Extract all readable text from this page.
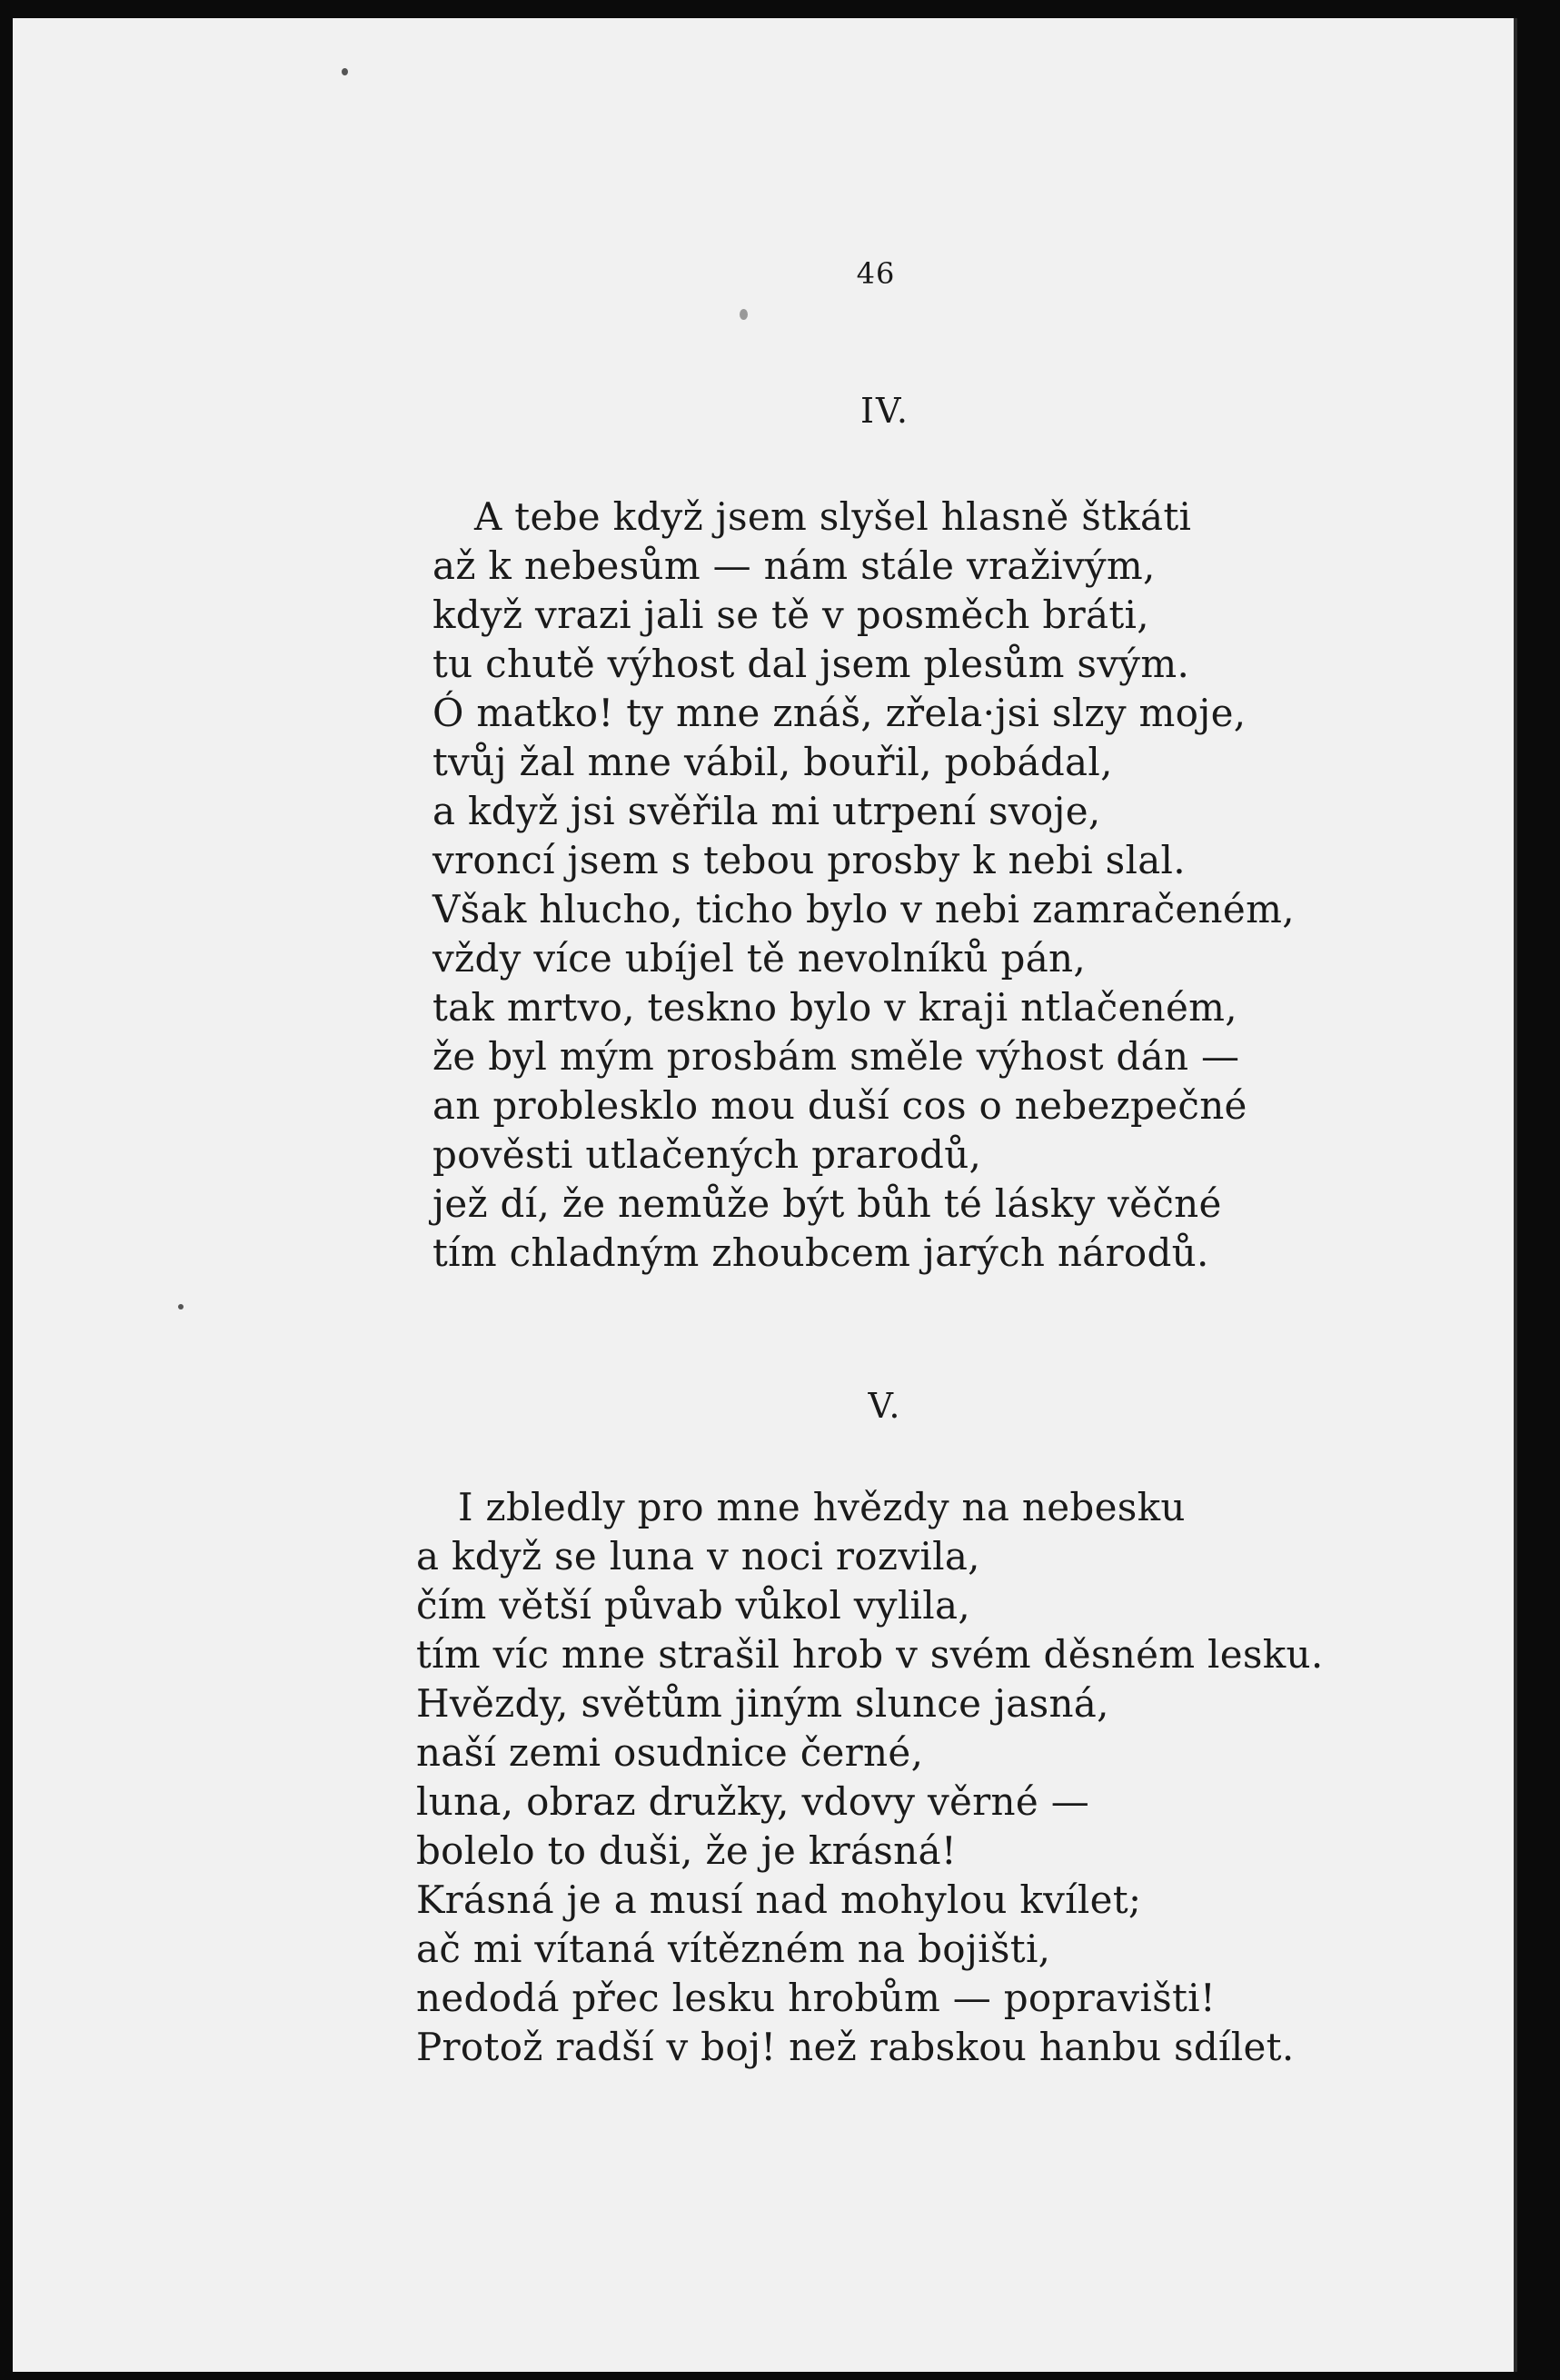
46
IV.
A tebe když jsem slyšel hlasně štkáti
až k nebesům — nám stále vraživým,
když vrazi jali se tě v posměch bráti,
tu chutě výhost dal jsem plesům svým.
Ó matko! ty mne znáš, zřela·jsi slzy moje,
tvůj žal mne vábil, bouřil, pobádal,
a když jsi svěřila mi utrpení svoje,
vroncí jsem s tebou prosby k nebi slal.
Však hlucho, ticho bylo v nebi zamračeném,
vždy více ubíjel tě nevolníků pán,
tak mrtvo, teskno bylo v kraji ntlačeném,
že byl mým prosbám směle výhost dán —
an problesklo mou duší cos o nebezpečné
pověsti utlačených prarodů,
jež dí, že nemůže být bůh té lásky věčné
tím chladným zhoubcem jarých národů.
V.
I zbledly pro mne hvězdy na nebesku
a když se luna v noci rozvila,
čím větší půvab vůkol vylila,
tím víc mne strašil hrob v svém děsném lesku.
Hvězdy, světům jiným slunce jasná,
naší zemi osudnice černé,
luna, obraz družky, vdovy věrné —
bolelo to duši, že je krásná!
Krásná je a musí nad mohylou kvílet;
ač mi vítaná vítězném na bojišti,
nedodá přec lesku hrobům — popravišti!
Protož radší v boj! než rabskou hanbu sdílet.
